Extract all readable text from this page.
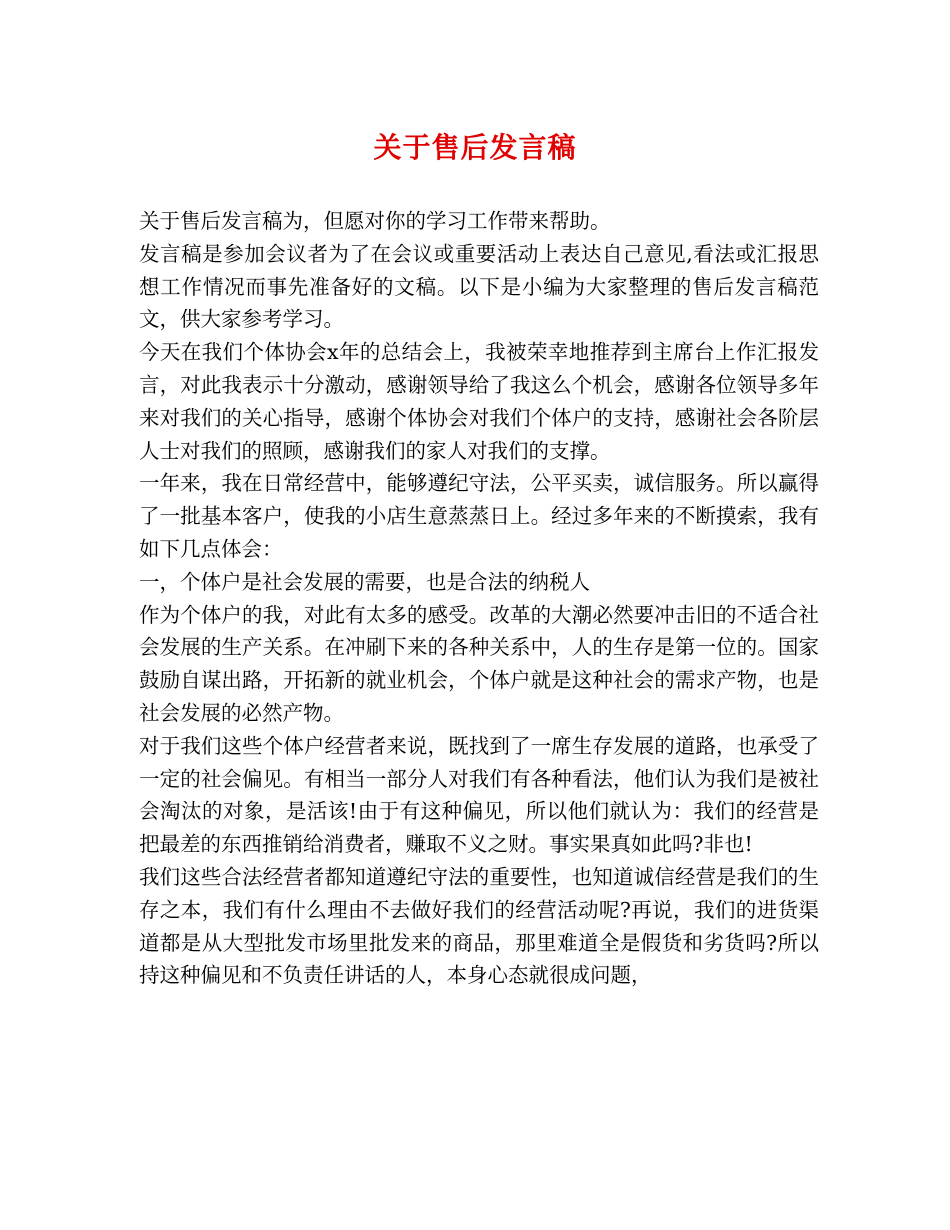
关于售后发言稿

关于售后发言稿为，但愿对你的学习工作带来帮助。

发言稿是参加会议者为了在会议或重要活动上表达自己意见,看法或汇报思想工作情况而事先准备好的文稿。以下是小编为大家整理的售后发言稿范文，供大家参考学习。

今天在我们个体协会x年的总结会上，我被荣幸地推荐到主席台上作汇报发言，对此我表示十分激动，感谢领导给了我这么个机会，感谢各位领导多年来对我们的关心指导，感谢个体协会对我们个体户的支持，感谢社会各阶层人士对我们的照顾，感谢我们的家人对我们的支撑。

一年来，我在日常经营中，能够遵纪守法，公平买卖，诚信服务。所以赢得了一批基本客户，使我的小店生意蒸蒸日上。经过多年来的不断摸索，我有如下几点体会：

一，个体户是社会发展的需要，也是合法的纳税人

作为个体户的我，对此有太多的感受。改革的大潮必然要冲击旧的不适合社会发展的生产关系。在冲刷下来的各种关系中，人的生存是第一位的。国家鼓励自谋出路，开拓新的就业机会，个体户就是这种社会的需求产物，也是社会发展的必然产物。

对于我们这些个体户经营者来说，既找到了一席生存发展的道路，也承受了一定的社会偏见。有相当一部分人对我们有各种看法，他们认为我们是被社会淘汰的对象，是活该!由于有这种偏见，所以他们就认为：我们的经营是把最差的东西推销给消费者，赚取不义之财。事实果真如此吗?非也!

我们这些合法经营者都知道遵纪守法的重要性，也知道诚信经营是我们的生存之本，我们有什么理由不去做好我们的经营活动呢?再说，我们的进货渠道都是从大型批发市场里批发来的商品，那里难道全是假货和劣货吗?所以持这种偏见和不负责任讲话的人，本身心态就很成问题，
